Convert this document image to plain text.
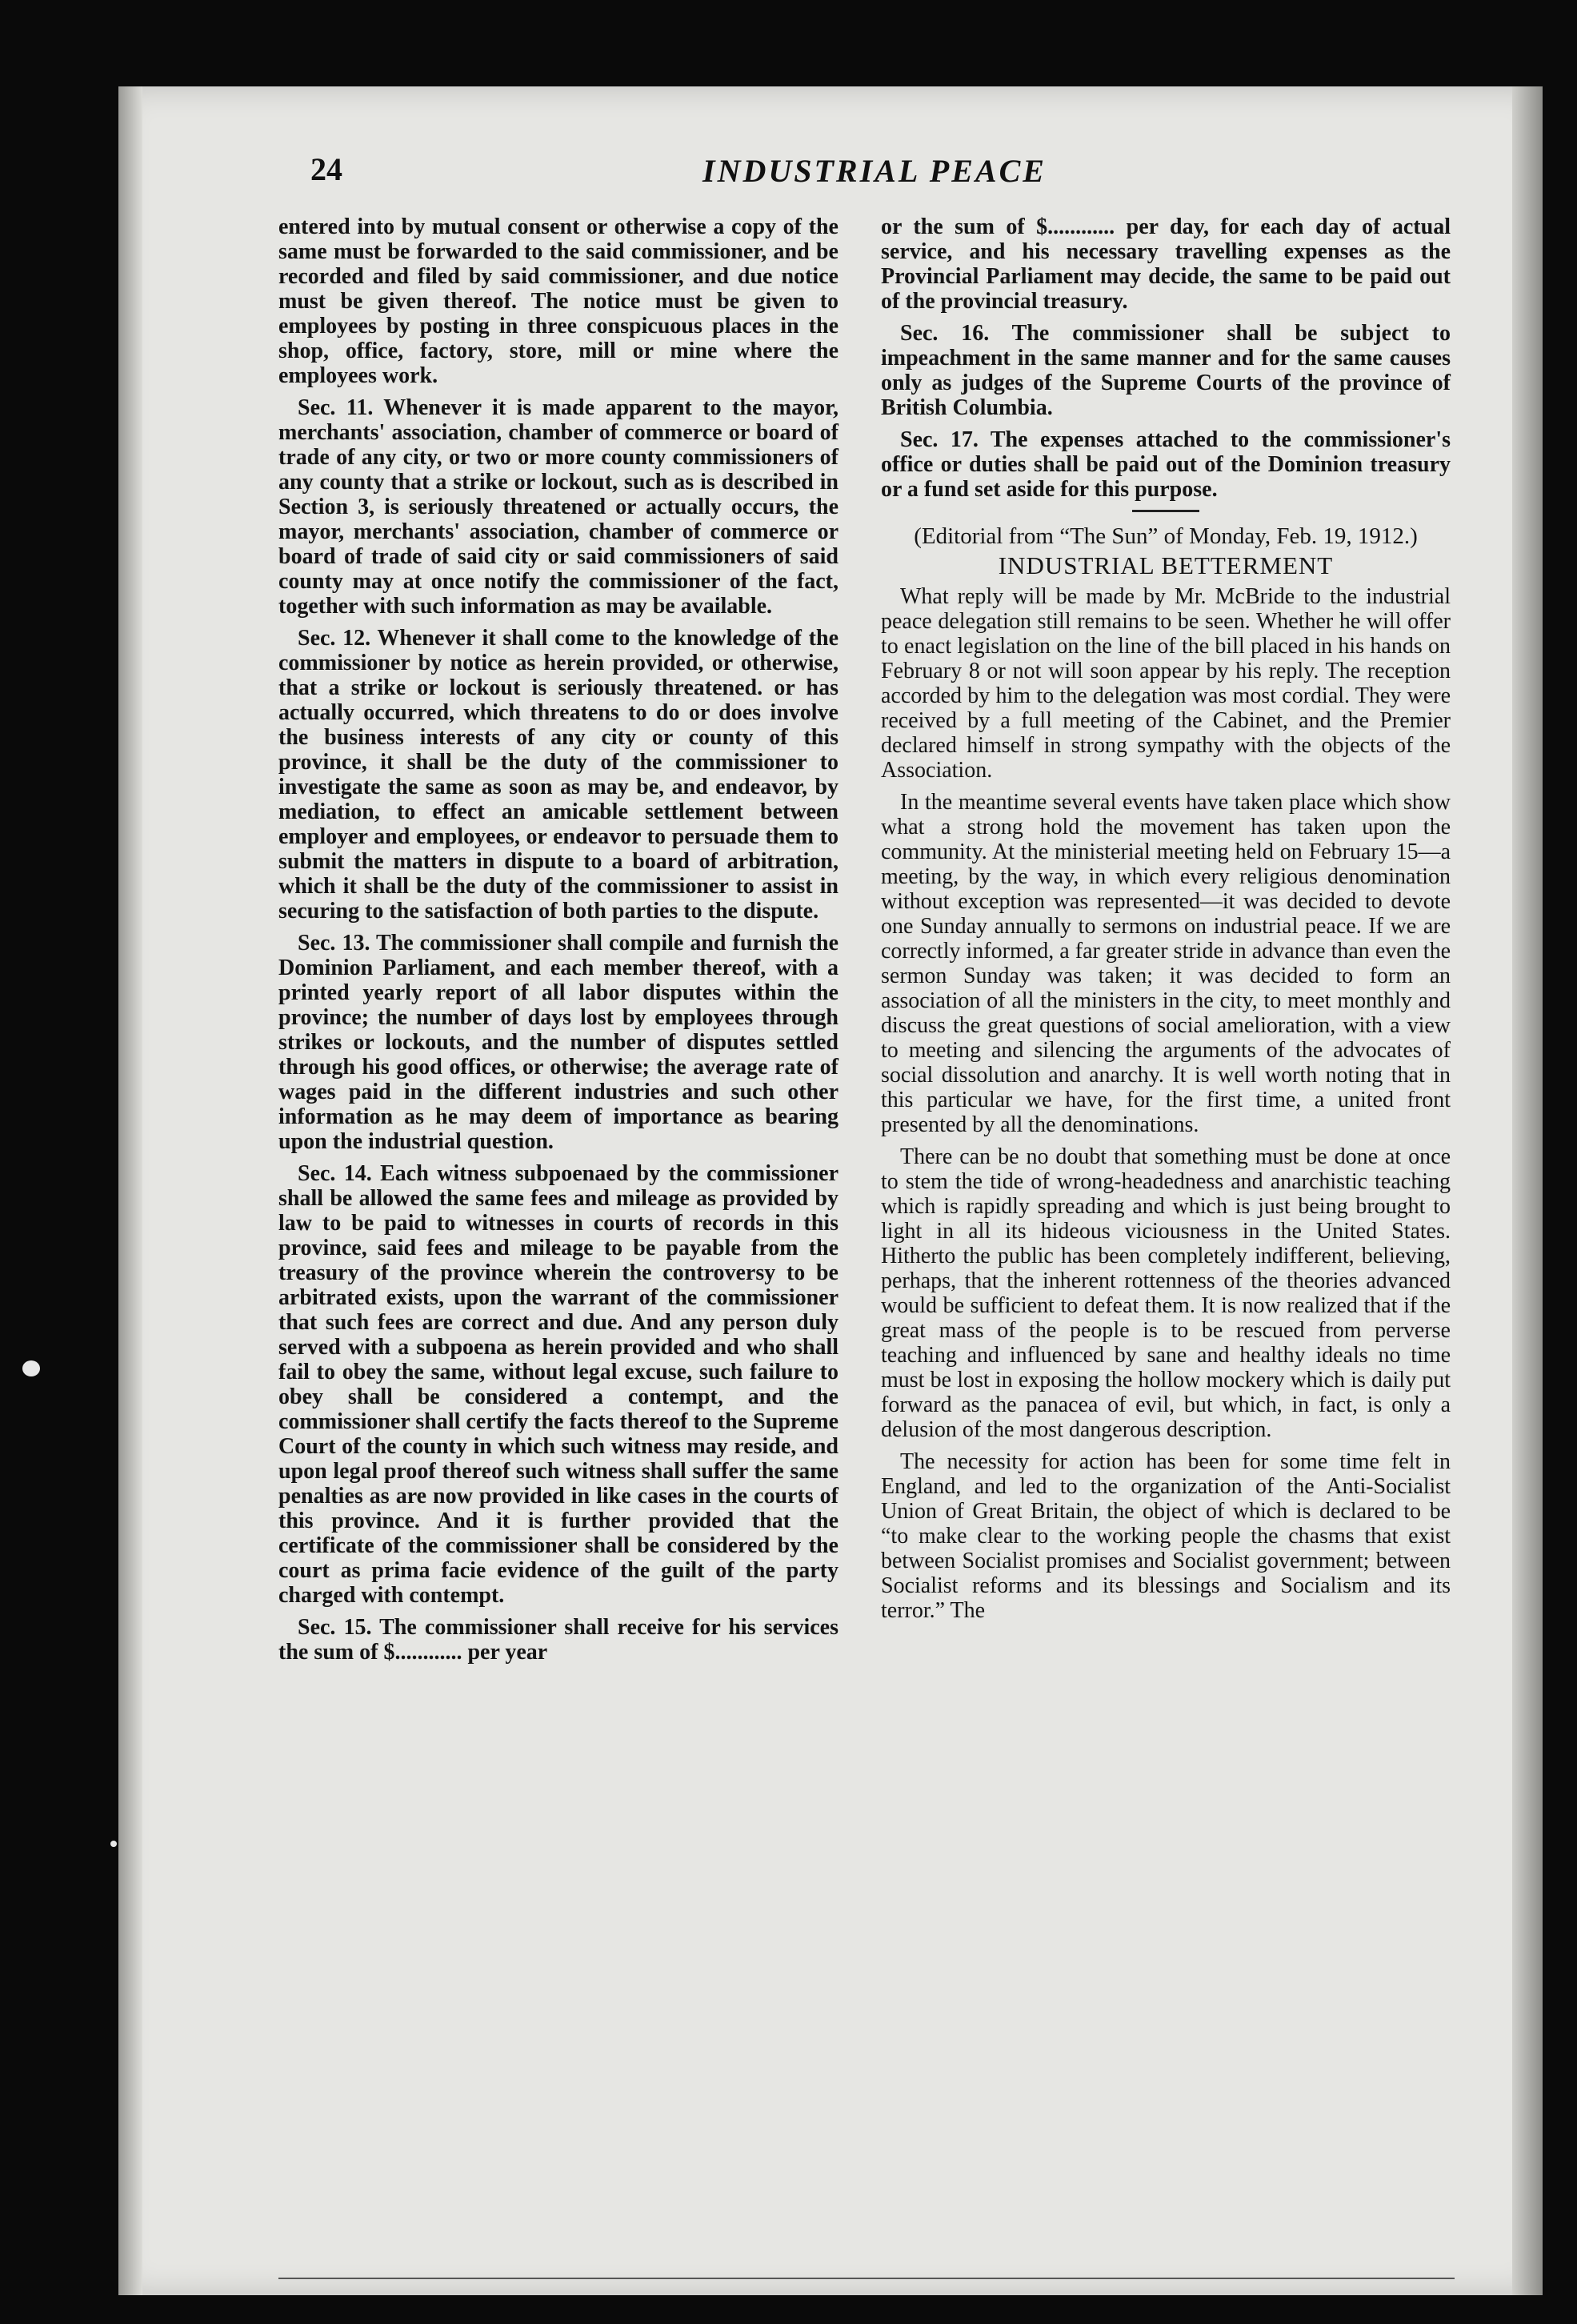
24	INDUSTRIAL PEACE

entered into by mutual consent or otherwise a copy of the same must be forwarded to the said commissioner, and be recorded and filed by said commissioner, and due notice must be given thereof. The notice must be given to employees by posting in three conspicuous places in the shop, office, factory, store, mill or mine where the employees work.

Sec. 11. Whenever it is made apparent to the mayor, merchants' association, chamber of commerce or board of trade of any city, or two or more county commissioners of any county that a strike or lockout, such as is described in Section 3, is seriously threatened or actually occurs, the mayor, merchants' association, chamber of commerce or board of trade of said city or said commissioners of said county may at once notify the commissioner of the fact, together with such information as may be available.

Sec. 12. Whenever it shall come to the knowledge of the commissioner by notice as herein provided, or otherwise, that a strike or lockout is seriously threatened. or has actually occurred, which threatens to do or does involve the business interests of any city or county of this province, it shall be the duty of the commissioner to investigate the same as soon as may be, and endeavor, by mediation, to effect an amicable settlement between employer and employees, or endeavor to persuade them to submit the matters in dispute to a board of arbitration, which it shall be the duty of the commissioner to assist in securing to the satisfaction of both parties to the dispute.

Sec. 13. The commissioner shall compile and furnish the Dominion Parliament, and each member thereof, with a printed yearly report of all labor disputes within the province; the number of days lost by employees through strikes or lockouts, and the number of disputes settled through his good offices, or otherwise; the average rate of wages paid in the different industries and such other information as he may deem of importance as bearing upon the industrial question.

Sec. 14. Each witness subpoenaed by the commissioner shall be allowed the same fees and mileage as provided by law to be paid to witnesses in courts of records in this province, said fees and mileage to be payable from the treasury of the province wherein the controversy to be arbitrated exists, upon the warrant of the commissioner that such fees are correct and due. And any person duly served with a subpoena as herein provided and who shall fail to obey the same, without legal excuse, such failure to obey shall be considered a contempt, and the commissioner shall certify the facts thereof to the Supreme Court of the county in which such witness may reside, and upon legal proof thereof such witness shall suffer the same penalties as are now provided in like cases in the courts of this province. And it is further provided that the certificate of the commissioner shall be considered by the court as prima facie evidence of the guilt of the party charged with contempt.

Sec. 15. The commissioner shall receive for his services the sum of $............ per year

or the sum of $............ per day, for each day of actual service, and his necessary travelling expenses as the Provincial Parliament may decide, the same to be paid out of the provincial treasury.

Sec. 16. The commissioner shall be subject to impeachment in the same manner and for the same causes only as judges of the Supreme Courts of the province of British Columbia.

Sec. 17. The expenses attached to the commissioner's office or duties shall be paid out of the Dominion treasury or a fund set aside for this purpose.

(Editorial from “The Sun” of Monday, Feb. 19, 1912.)
INDUSTRIAL BETTERMENT

What reply will be made by Mr. McBride to the industrial peace delegation still remains to be seen. Whether he will offer to enact legislation on the line of the bill placed in his hands on February 8 or not will soon appear by his reply. The reception accorded by him to the delegation was most cordial. They were received by a full meeting of the Cabinet, and the Premier declared himself in strong sympathy with the objects of the Association.

In the meantime several events have taken place which show what a strong hold the movement has taken upon the community. At the ministerial meeting held on February 15—a meeting, by the way, in which every religious denomination without exception was represented—it was decided to devote one Sunday annually to sermons on industrial peace. If we are correctly informed, a far greater stride in advance than even the sermon Sunday was taken; it was decided to form an association of all the ministers in the city, to meet monthly and discuss the great questions of social amelioration, with a view to meeting and silencing the arguments of the advocates of social dissolution and anarchy. It is well worth noting that in this particular we have, for the first time, a united front presented by all the denominations.

There can be no doubt that something must be done at once to stem the tide of wrong-headedness and anarchistic teaching which is rapidly spreading and which is just being brought to light in all its hideous viciousness in the United States. Hitherto the public has been completely indifferent, believing, perhaps, that the inherent rottenness of the theories advanced would be sufficient to defeat them. It is now realized that if the great mass of the people is to be rescued from perverse teaching and influenced by sane and healthy ideals no time must be lost in exposing the hollow mockery which is daily put forward as the panacea of evil, but which, in fact, is only a delusion of the most dangerous description.

The necessity for action has been for some time felt in England, and led to the organization of the Anti-Socialist Union of Great Britain, the object of which is declared to be “to make clear to the working people the chasms that exist between Socialist promises and Socialist government; between Socialist reforms and its blessings and Socialism and its terror.” The
